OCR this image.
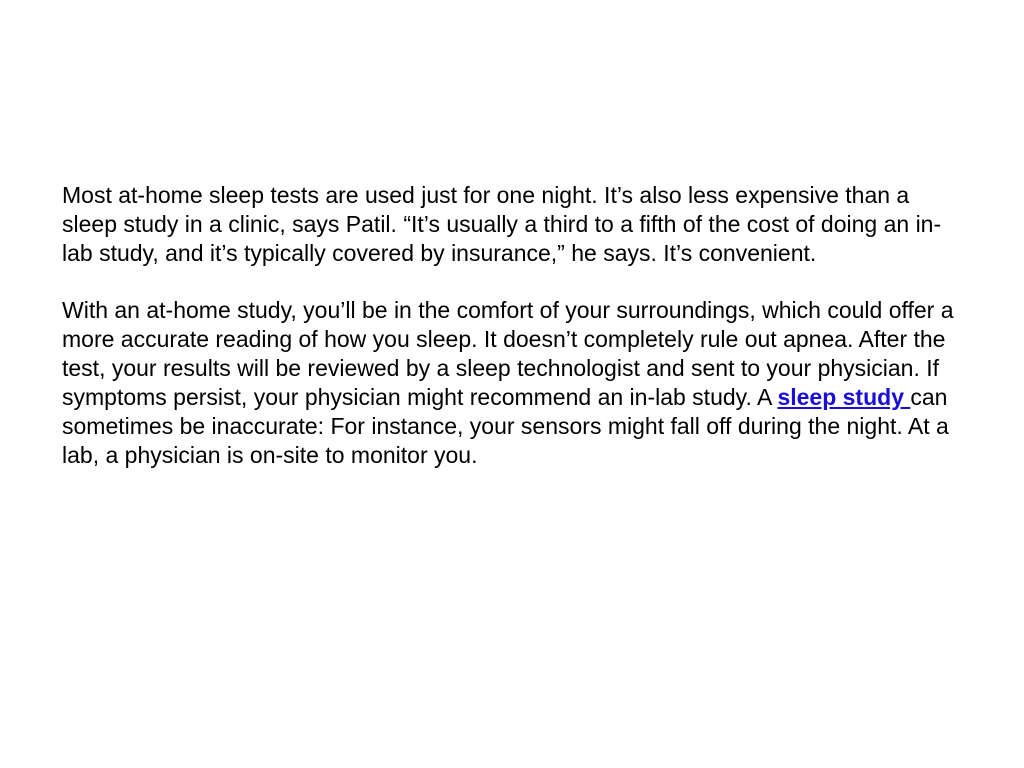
Most at-home sleep tests are used just for one night. It’s also less expensive than a sleep study in a clinic, says Patil. “It’s usually a third to a fifth of the cost of doing an in-lab study, and it’s typically covered by insurance,” he says. It’s convenient.

With an at-home study, you’ll be in the comfort of your surroundings, which could offer a more accurate reading of how you sleep. It doesn’t completely rule out apnea. After the test, your results will be reviewed by a sleep technologist and sent to your physician. If symptoms persist, your physician might recommend an in-lab study. A sleep study can sometimes be inaccurate: For instance, your sensors might fall off during the night. At a lab, a physician is on-site to monitor you.
